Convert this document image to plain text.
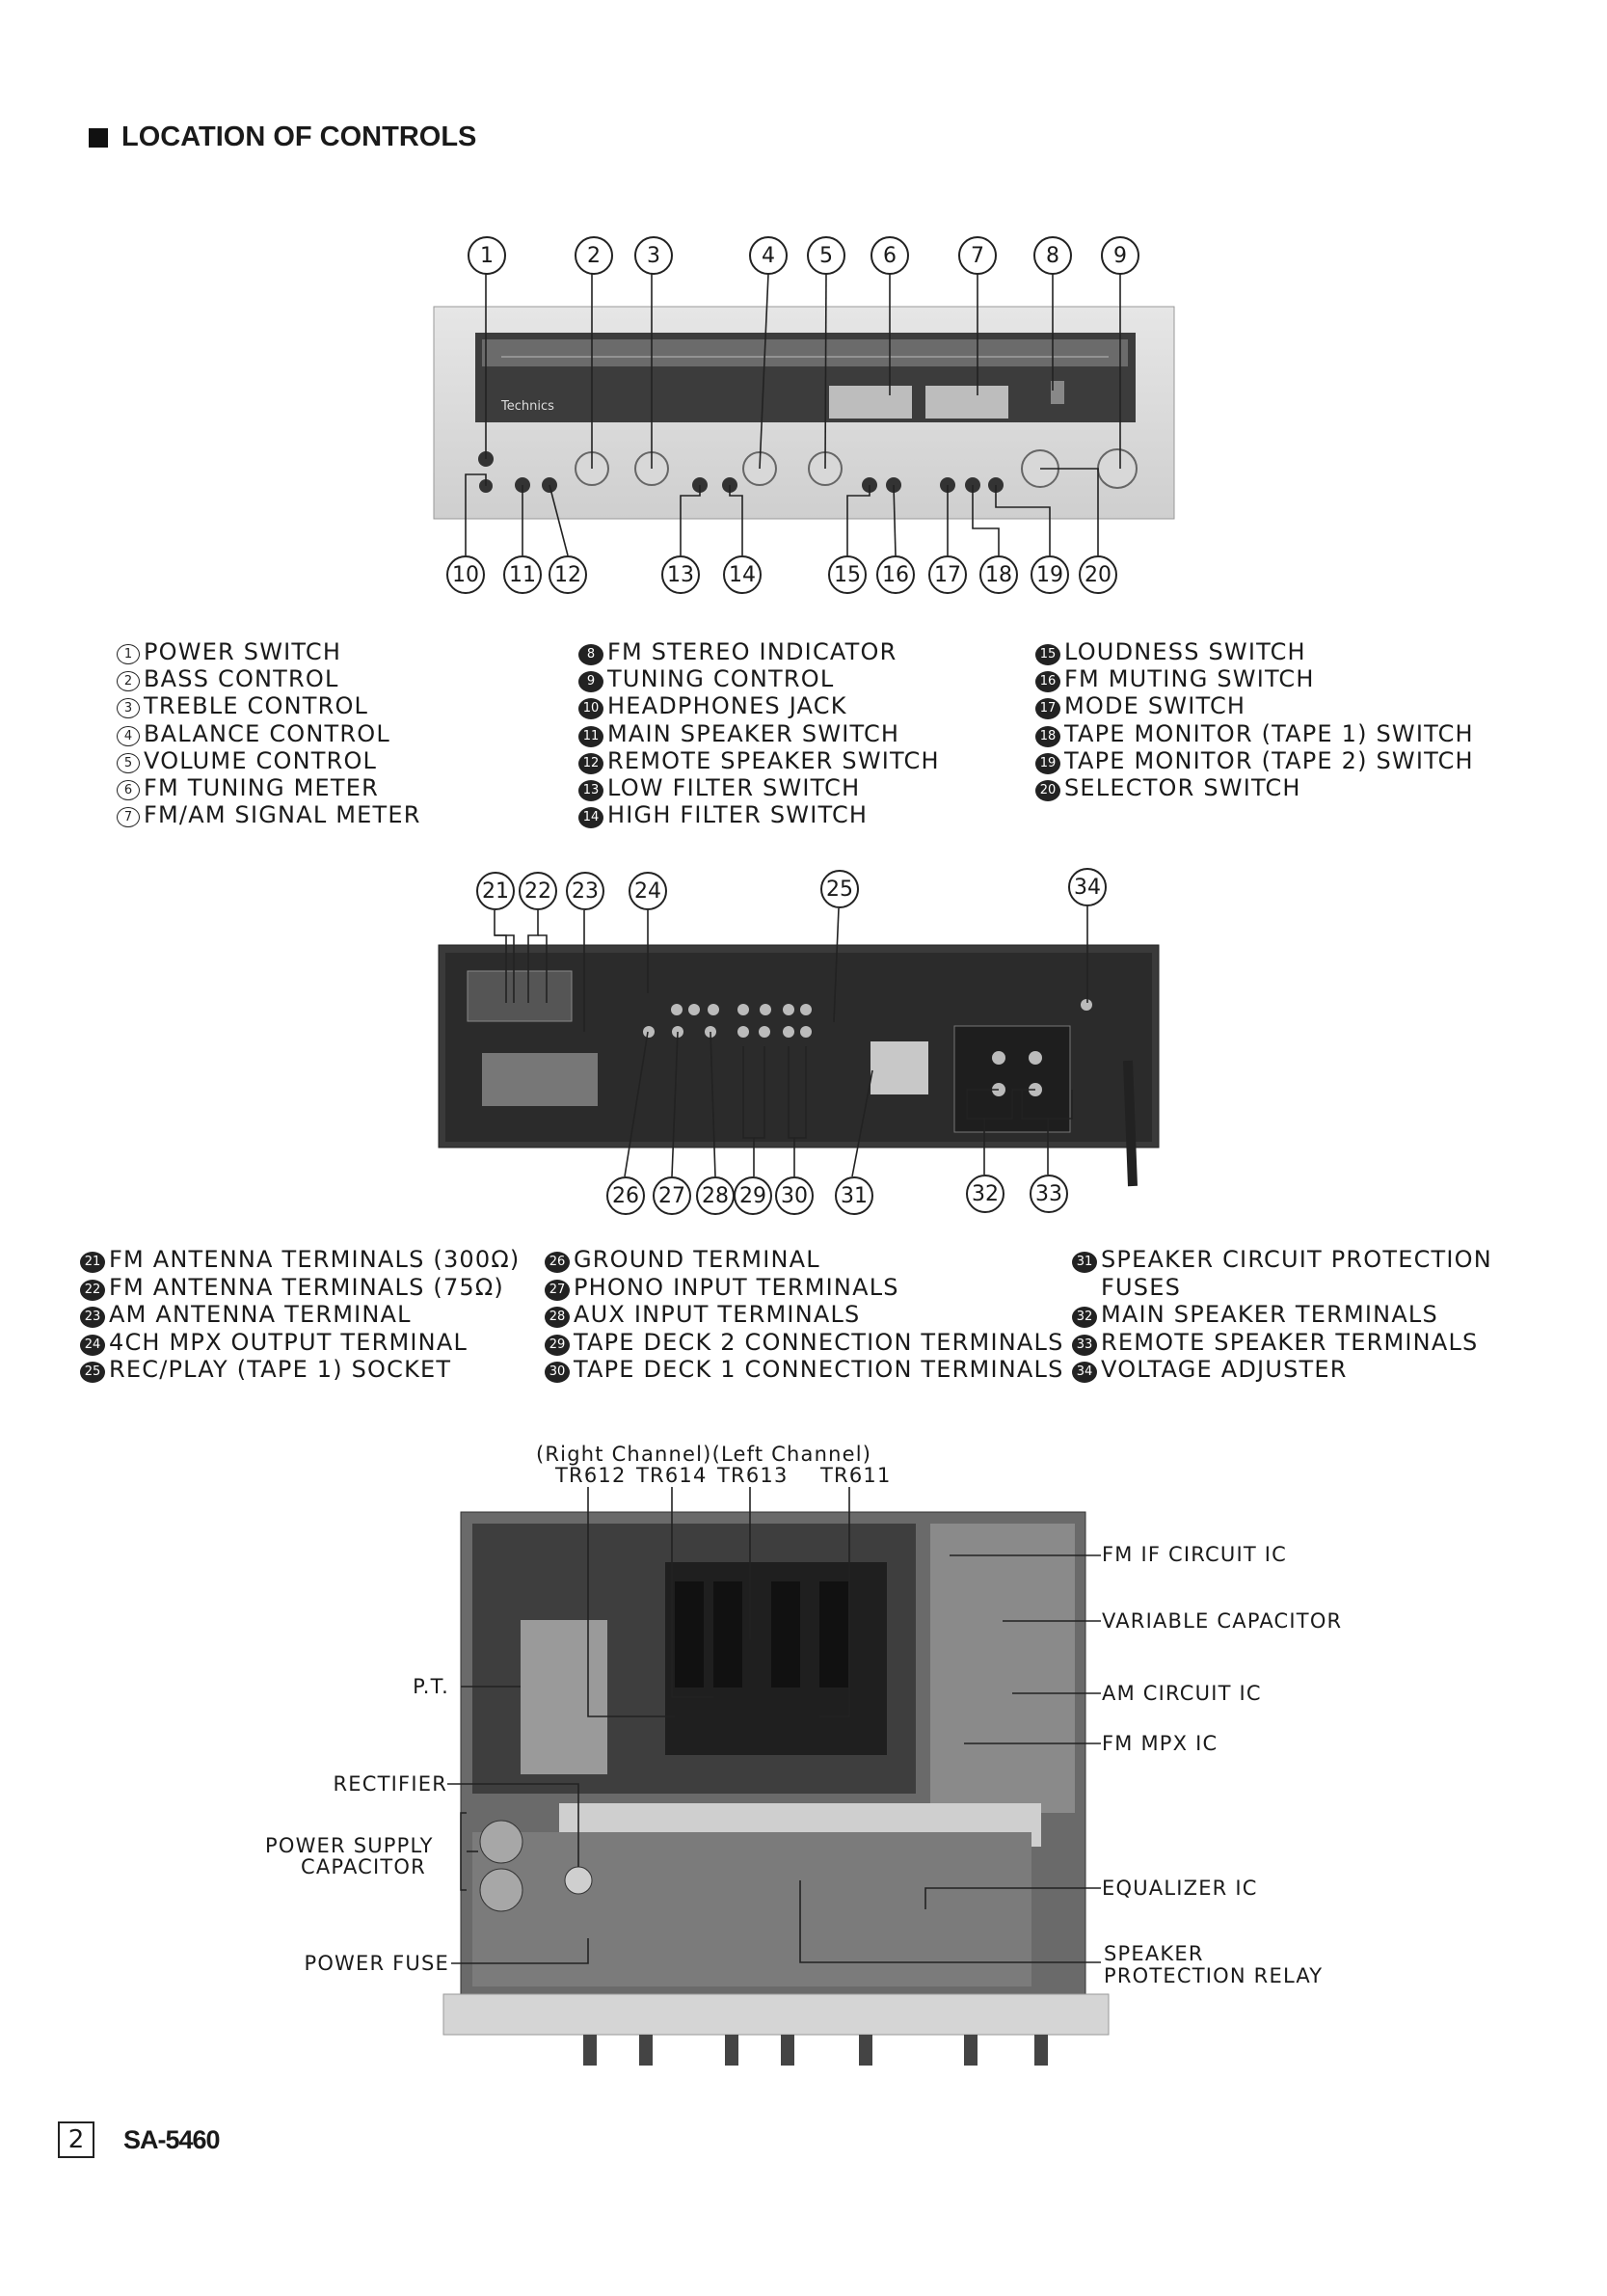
LOCATION OF CONTROLS
Technics
1	2	3	4	5	6	7	8	9
10 11 12	13 14	15 16 17 18 19 20
1 POWER SWITCH
2 BASS CONTROL
3 TREBLE CONTROL
4 BALANCE CONTROL
5 VOLUME CONTROL
6 FM TUNING METER
7 FM/AM SIGNAL METER
8 FM STEREO INDICATOR
9 TUNING CONTROL
10 HEADPHONES JACK
11 MAIN SPEAKER SWITCH
12 REMOTE SPEAKER SWITCH
13 LOW FILTER SWITCH
14 HIGH FILTER SWITCH
15 LOUDNESS SWITCH
16 FM MUTING SWITCH
17 MODE SWITCH
18 TAPE MONITOR (TAPE 1) SWITCH
19 TAPE MONITOR (TAPE 2) SWITCH
20 SELECTOR SWITCH
21 22 23 24	25	34
26 27 28 29 30 31	32 33
21 FM ANTENNA TERMINALS (300Ω)
22 FM ANTENNA TERMINALS (75Ω)
23 AM ANTENNA TERMINAL
24 4CH MPX OUTPUT TERMINAL
25 REC/PLAY (TAPE 1) SOCKET
26 GROUND TERMINAL
27 PHONO INPUT TERMINALS
28 AUX INPUT TERMINALS
29 TAPE DECK 2 CONNECTION TERMINALS
30 TAPE DECK 1 CONNECTION TERMINALS
31 SPEAKER CIRCUIT PROTECTION
FUSES
32 MAIN SPEAKER TERMINALS
33 REMOTE SPEAKER TERMINALS
34 VOLTAGE ADJUSTER
(Right Channel)(Left Channel)
TR612 TR614 TR613 TR611
P.T.
RECTIFIER
POWER SUPPLY
CAPACITOR
POWER FUSE
FM IF CIRCUIT IC
VARIABLE CAPACITOR
AM CIRCUIT IC
FM MPX IC
EQUALIZER IC
SPEAKER
PROTECTION RELAY
2	SA-5460
